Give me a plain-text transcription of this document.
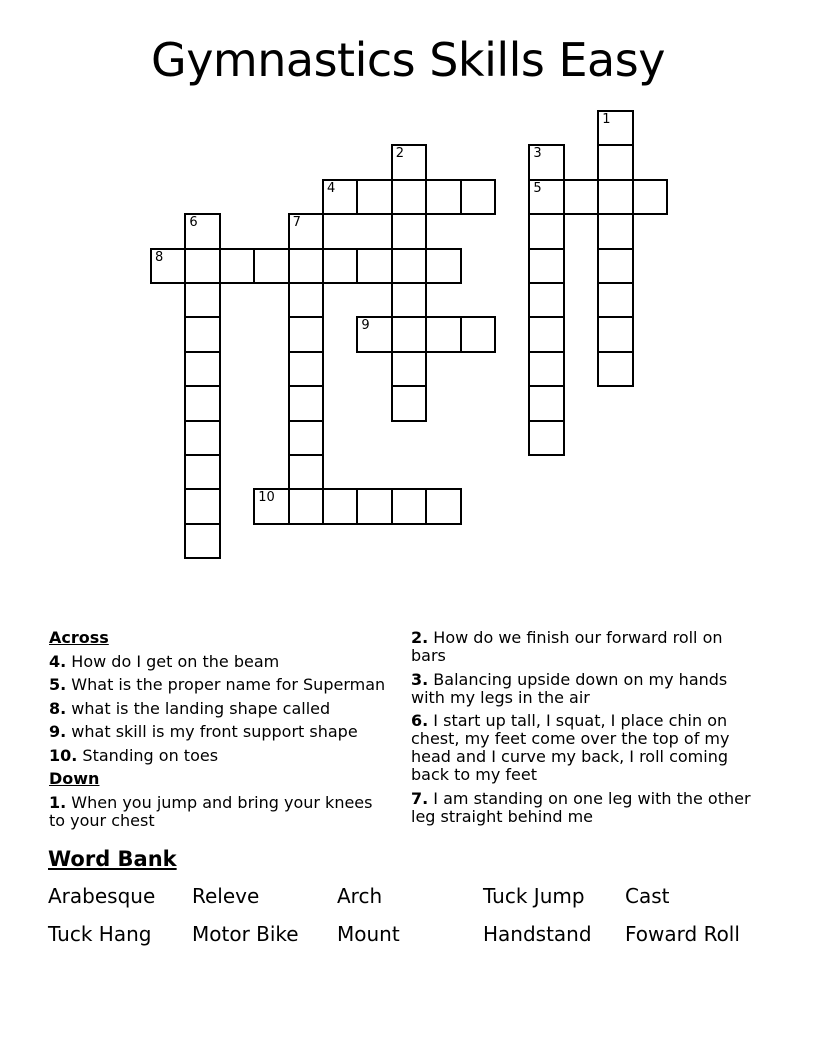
Gymnastics Skills Easy
1
2	3
5
4
6	7
8
9
10
Across
4. How do I get on the beam
5. What is the proper name for Superman
8. what is the landing shape called
9. what skill is my front support shape
10. Standing on toes
Down
1. When you jump and bring your knees to your chest
2. How do we finish our forward roll on bars
3. Balancing upside down on my hands with my legs in the air
6. I start up tall, I squat, I place chin on chest, my feet come over the top of my head and I curve my back, I roll coming back to my feet
7. I am standing on one leg with the other leg straight behind me
Word Bank
Arabesque	Releve	Arch	Tuck Jump	Cast
Tuck Hang	Motor Bike	Mount	Handstand	Foward Roll
